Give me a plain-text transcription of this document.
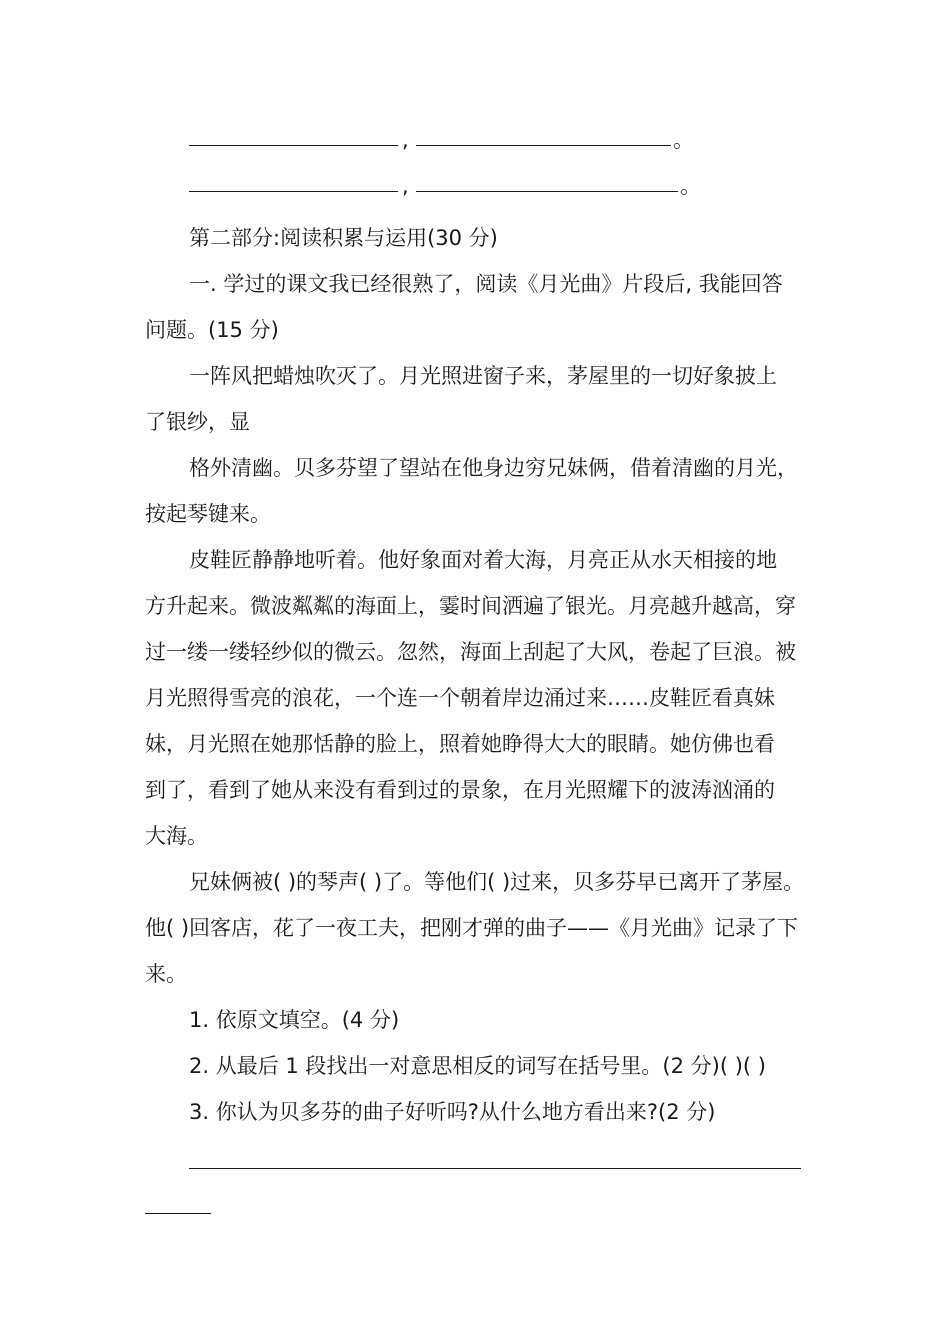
,	。
,	。
第二部分:阅读积累与运用(30 分)
一. 学过的课文我已经很熟了，阅读《月光曲》片段后, 我能回答
问题。(15 分)
一阵风把蜡烛吹灭了。月光照进窗子来，茅屋里的一切好象披上
了银纱，显
格外清幽。贝多芬望了望站在他身边穷兄妹俩，借着清幽的月光，
按起琴键来。
皮鞋匠静静地听着。他好象面对着大海，月亮正从水天相接的地
方升起来。微波粼粼的海面上，霎时间洒遍了银光。月亮越升越高，穿
过一缕一缕轻纱似的微云。忽然，海面上刮起了大风，卷起了巨浪。被
月光照得雪亮的浪花，一个连一个朝着岸边涌过来……皮鞋匠看真妹
妹，月光照在她那恬静的脸上，照着她睁得大大的眼睛。她仿佛也看
到了，看到了她从来没有看到过的景象，在月光照耀下的波涛汹涌的
大海。
兄妹俩被( )的琴声( )了。等他们( )过来，贝多芬早已离开了茅屋。
他( )回客店，花了一夜工夫，把刚才弹的曲子——《月光曲》记录了下
来。
1. 依原文填空。(4 分)
2. 从最后 1 段找出一对意思相反的词写在括号里。(2 分)( )( )
3. 你认为贝多芬的曲子好听吗?从什么地方看出来?(2 分)
